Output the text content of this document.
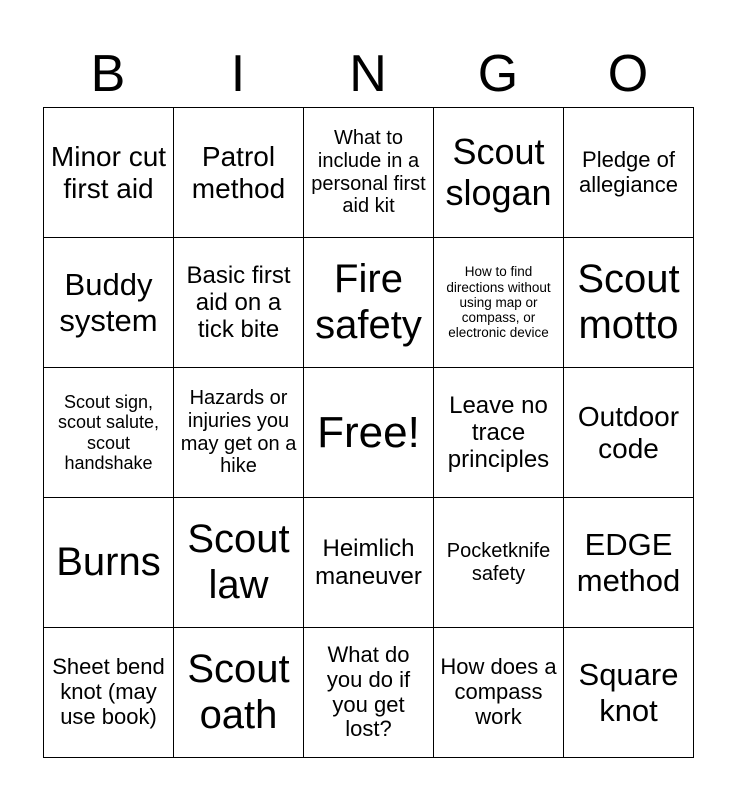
B	I	N	G	O
Minor cut first aid	Patrol method	What to include in a personal first aid kit	Scout slogan	Pledge of allegiance
Buddy system	Basic first aid on a tick bite	Fire safety	How to find directions without using map or compass, or electronic device	Scout motto
Scout sign, scout salute, scout handshake	Hazards or injuries you may get on a hike	Free!	Leave no trace principles	Outdoor code
Burns	Scout law	Heimlich maneuver	Pocketknife safety	EDGE method
Sheet bend knot (may use book)	Scout oath	What do you do if you get lost?	How does a compass work	Square knot
